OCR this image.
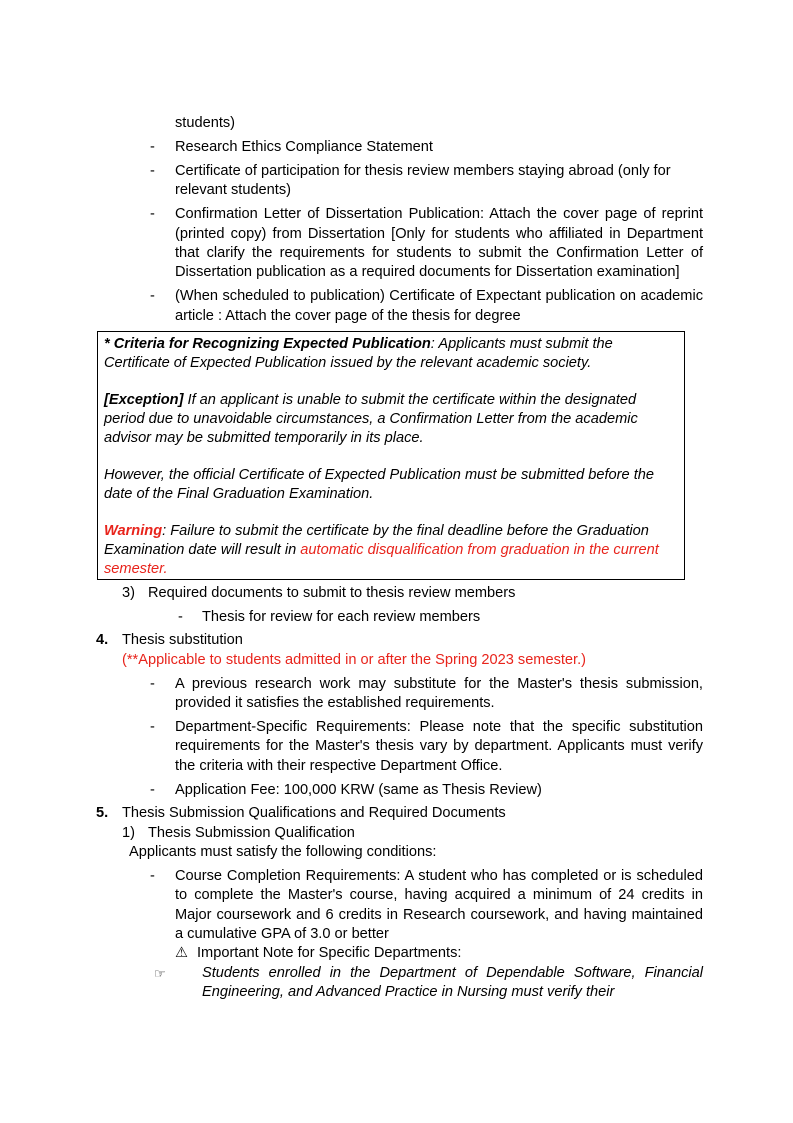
students)
-	Research Ethics Compliance Statement
-	Certificate of participation for thesis review members staying abroad (only for relevant students)
-	Confirmation Letter of Dissertation Publication: Attach the cover page of reprint (printed copy) from Dissertation [Only for students who affiliated in Department that clarify the requirements for students to submit the Confirmation Letter of Dissertation publication as a required documents for Dissertation examination]
-	(When scheduled to publication) Certificate of Expectant publication on academic article : Attach the cover page of the thesis for degree

* Criteria for Recognizing Expected Publication: Applicants must submit the Certificate of Expected Publication issued by the relevant academic society.

[Exception] If an applicant is unable to submit the certificate within the designated period due to unavoidable circumstances, a Confirmation Letter from the academic advisor may be submitted temporarily in its place.

However, the official Certificate of Expected Publication must be submitted before the date of the Final Graduation Examination.

Warning: Failure to submit the certificate by the final deadline before the Graduation Examination date will result in automatic disqualification from graduation in the current semester.

3) Required documents to submit to thesis review members
-	Thesis for review for each review members
4. Thesis substitution
(**Applicable to students admitted in or after the Spring 2023 semester.)
-	A previous research work may substitute for the Master's thesis submission, provided it satisfies the established requirements.
-	Department-Specific Requirements: Please note that the specific substitution requirements for the Master's thesis vary by department. Applicants must verify the criteria with their respective Department Office.
-	Application Fee: 100,000 KRW (same as Thesis Review)
5. Thesis Submission Qualifications and Required Documents
1) Thesis Submission Qualification
Applicants must satisfy the following conditions:
-	Course Completion Requirements: A student who has completed or is scheduled to complete the Master's course, having acquired a minimum of 24 credits in Major coursework and 6 credits in Research coursework, and having maintained a cumulative GPA of 3.0 or better
⚠ Important Note for Specific Departments:
☞	Students enrolled in the Department of Dependable Software, Financial Engineering, and Advanced Practice in Nursing must verify their
